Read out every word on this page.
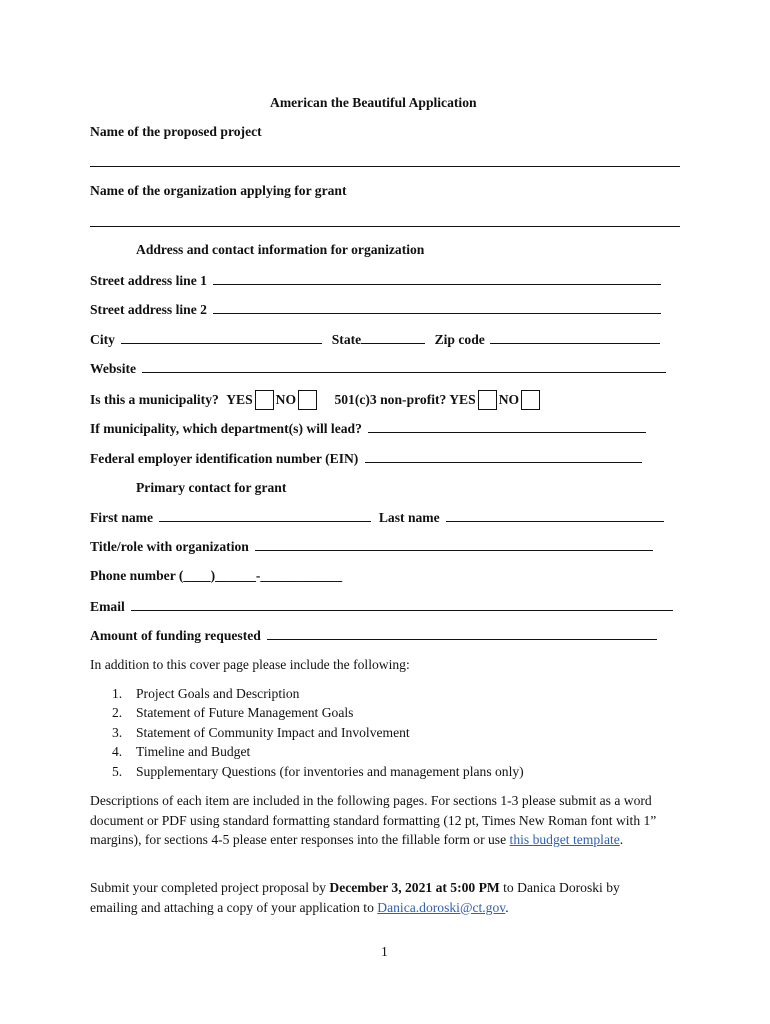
American the Beautiful Application
Name of the proposed project
Name of the organization applying for grant
Address and contact information for organization
Street address line 1
Street address line 2
City	State	Zip code
Website
Is this a municipality? YES NO	501(c)3 non-profit? YES NO
If municipality, which department(s) will lead?
Federal employer identification number (EIN)
Primary contact for grant
First name	Last name
Title/role with organization
Phone number (____)______-____________
Email
Amount of funding requested
In addition to this cover page please include the following:
1. Project Goals and Description
2. Statement of Future Management Goals
3. Statement of Community Impact and Involvement
4. Timeline and Budget
5. Supplementary Questions (for inventories and management plans only)
Descriptions of each item are included in the following pages. For sections 1-3 please submit as a word document or PDF using standard formatting standard formatting (12 pt, Times New Roman font with 1” margins), for sections 4-5 please enter responses into the fillable form or use this budget template.
Submit your completed project proposal by December 3, 2021 at 5:00 PM to Danica Doroski by emailing and attaching a copy of your application to Danica.doroski@ct.gov.
1
